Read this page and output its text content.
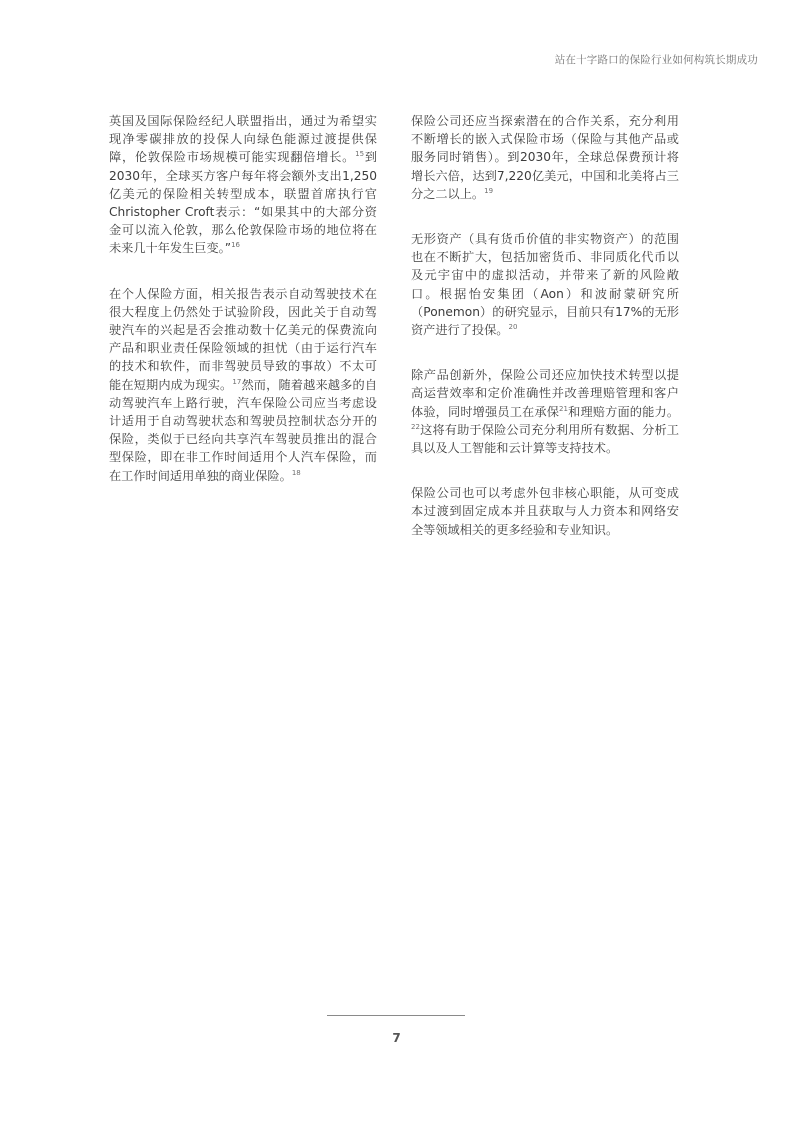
站在十字路口的保险行业如何构筑长期成功

英国及国际保险经纪人联盟指出，通过为希望实现净零碳排放的投保人向绿色能源过渡提供保障，伦敦保险市场规模可能实现翻倍增长。$^{15}$到2030年，全球买方客户每年将会额外支出1,250亿美元的保险相关转型成本，联盟首席执行官Christopher Croft表示：“如果其中的大部分资金可以流入伦敦，那么伦敦保险市场的地位将在未来几十年发生巨变。”$^{16}$

在个人保险方面，相关报告表示自动驾驶技术在很大程度上仍然处于试验阶段，因此关于自动驾驶汽车的兴起是否会推动数十亿美元的保费流向产品和职业责任保险领域的担忧（由于运行汽车的技术和软件，而非驾驶员导致的事故）不太可能在短期内成为现实。$^{17}$然而，随着越来越多的自动驾驶汽车上路行驶，汽车保险公司应当考虑设计适用于自动驾驶状态和驾驶员控制状态分开的保险，类似于已经向共享汽车驾驶员推出的混合型保险，即在非工作时间适用个人汽车保险，而在工作时间适用单独的商业保险。$^{18}$

保险公司还应当探索潜在的合作关系，充分利用不断增长的嵌入式保险市场（保险与其他产品或服务同时销售）。到2030年，全球总保费预计将增长六倍，达到7,220亿美元，中国和北美将占三分之二以上。$^{19}$

无形资产（具有货币价值的非实物资产）的范围也在不断扩大，包括加密货币、非同质化代币以及元宇宙中的虚拟活动，并带来了新的风险敞口。根据怡安集团（Aon）和波耐蒙研究所（Ponemon）的研究显示，目前只有17%的无形资产进行了投保。$^{20}$

除产品创新外，保险公司还应加快技术转型以提高运营效率和定价准确性并改善理赔管理和客户体验，同时增强员工在承保$^{21}$和理赔方面的能力。$^{22}$这将有助于保险公司充分利用所有数据、分析工具以及人工智能和云计算等支持技术。

保险公司也可以考虑外包非核心职能，从可变成本过渡到固定成本并且获取与人力资本和网络安全等领域相关的更多经验和专业知识。

7
